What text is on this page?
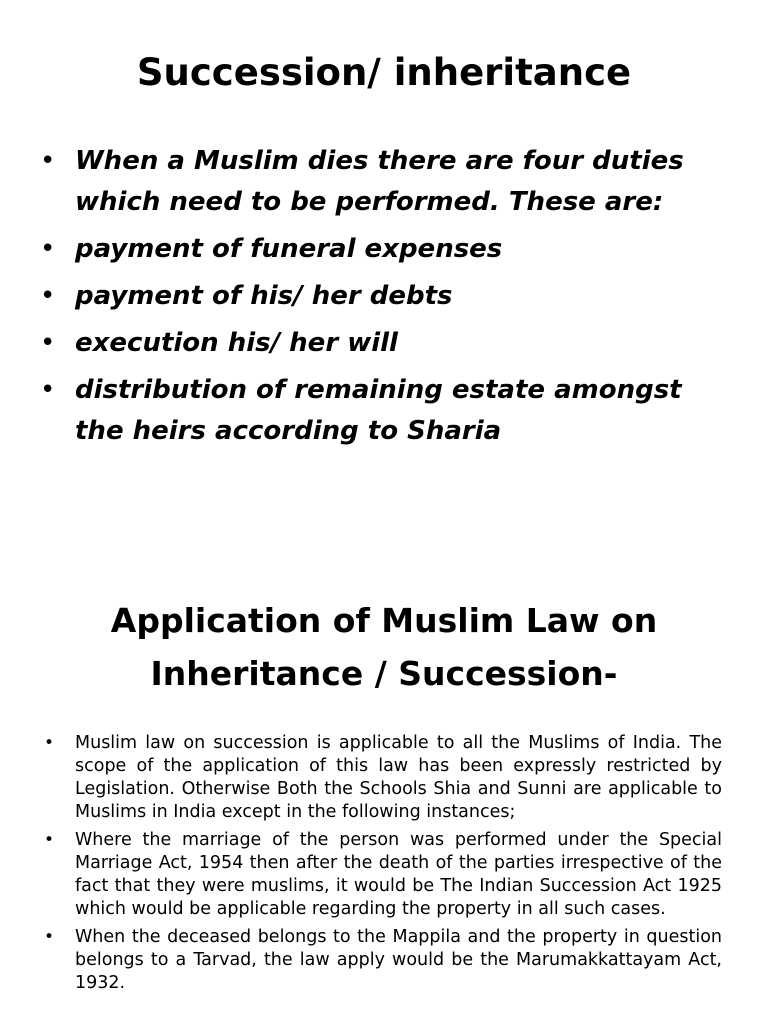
Succession/ inheritance
• When a Muslim dies there are four duties which need to be performed. These are:
• payment of funeral expenses
• payment of his/ her debts
• execution his/ her will
• distribution of remaining estate amongst the heirs according to Sharia
Application of Muslim Law on
Inheritance / Succession-
• Muslim law on succession is applicable to all the Muslims of India. The scope of the application of this law has been expressly restricted by Legislation. Otherwise Both the Schools Shia and Sunni are applicable to Muslims in India except in the following instances;
• Where the marriage of the person was performed under the Special Marriage Act, 1954 then after the death of the parties irrespective of the fact that they were muslims, it would be The Indian Succession Act 1925 which would be applicable regarding the property in all such cases.
• When the deceased belongs to the Mappila and the property in question belongs to a Tarvad, the law apply would be the Marumakkattayam Act, 1932.
